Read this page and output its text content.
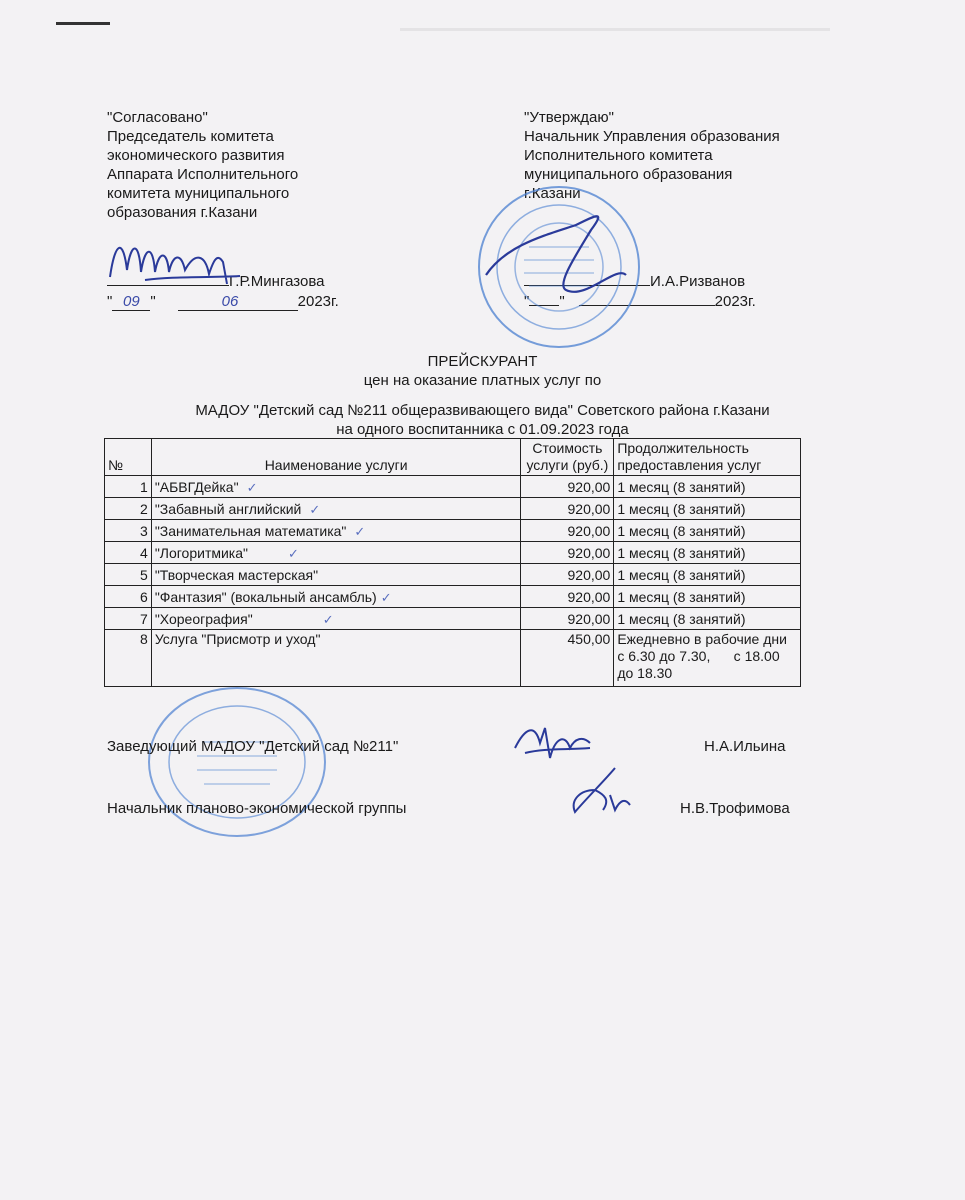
"Согласовано"
Председатель комитета
экономического развития
Аппарата Исполнительного
комитета муниципального
образования г.Казани
Г.Р.Мингазова
" 09 "	06	2023г.
"Утверждаю"
Начальник Управления образования
Исполнительного комитета
муниципального образования
г.Казани
И.А.Ризванов
" "	2023г.
ПРЕЙСКУРАНТ
цен на оказание платных услуг по
МАДОУ "Детский сад №211 общеразвивающего вида" Советского района г.Казани
на одного воспитанника с 01.09.2023 года
№	Наименование услуги	Стоимость услуги (руб.)	Продолжительность предоставления услуг
1	"АБВГДейка" ✓	920,00	1 месяц (8 занятий)
2	"Забавный английский ✓	920,00	1 месяц (8 занятий)
3	"Занимательная математика" ✓	920,00	1 месяц (8 занятий)
4	"Логоритмика" ✓	920,00	1 месяц (8 занятий)
5	"Творческая мастерская"	920,00	1 месяц (8 занятий)
6	"Фантазия" (вокальный ансамбль) ✓	920,00	1 месяц (8 занятий)
7	"Хореография" ✓	920,00	1 месяц (8 занятий)
8	Услуга "Присмотр и уход"	450,00	Ежедневно в рабочие дни с 6.30 до 7.30,      с 18.00 до 18.30
Заведующий МАДОУ "Детский сад №211"	Н.А.Ильина
Начальник планово-экономической группы	Н.В.Трофимова
